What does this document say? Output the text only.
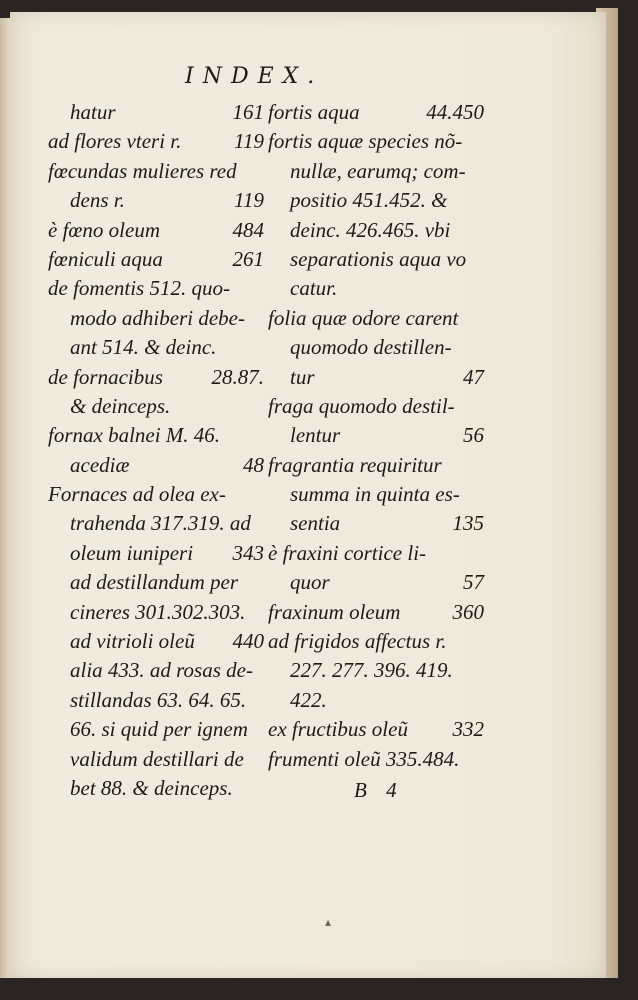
INDEX.
hatur	161
ad flores vteri r.	119
fœcundas mulieres red
dens r.	119
è fœno oleum	484
fœniculi aqua	261
de fomentis 512. quo-
modo adhiberi debe-
ant 514. & deinc.
de fornacibus 28.87.
& deinceps.
fornax balnei M. 46.
acediæ	48
Fornaces ad olea ex-
trahenda 317.319. ad
oleum iuniperi 343
ad destillandum per
cineres 301.302.303.
ad vitrioli oleũ 440
alia 433. ad rosas de-
stillandas 63. 64. 65.
66. si quid per ignem
validum destillari de
bet 88. & deinceps.
fortis aqua	44.450
fortis aquæ species nõ-
nullæ, earumq; com-
positio 451.452. &
deinc. 426.465. vbi
separationis aqua vo
catur.
folia quæ odore carent
quomodo destillen-
tur	47
fraga quomodo destil-
lentur	56
fragrantia requiritur
summa in quinta es-
sentia	135
è fraxini cortice li-
quor	57
fraxinum oleum 360
ad frigidos affectus r.
227. 277. 396. 419.
422.
ex fructibus oleũ 332
frumenti oleũ 335.484.
B 4
▴
